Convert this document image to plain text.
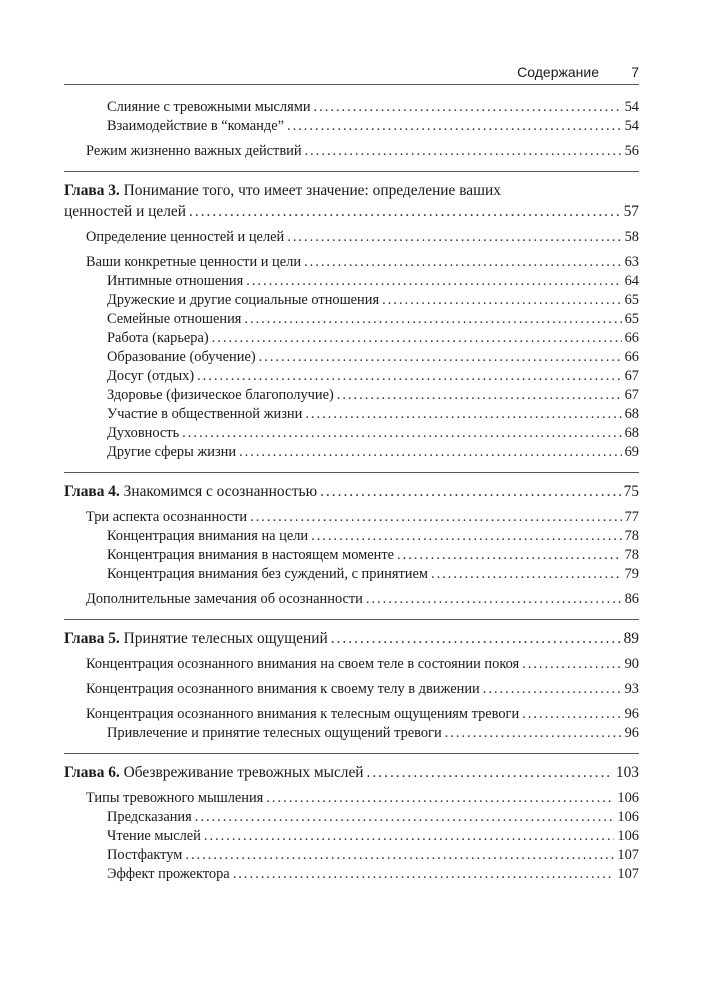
Содержание 7
Слияние с тревожными мыслями .....	54
Взаимодействие в “команде” .....	54
Режим жизненно важных действий .....	56
Глава 3. Понимание того, что имеет значение: определение ваших
ценностей и целей .....	57
Определение ценностей и целей .....	58
Ваши конкретные ценности и цели .....	63
Интимные отношения .....	64
Дружеские и другие социальные отношения .....	65
Семейные отношения .....	65
Работа (карьера) .....	66
Образование (обучение) .....	66
Досуг (отдых) .....	67
Здоровье (физическое благополучие) .....	67
Участие в общественной жизни .....	68
Духовность .....	68
Другие сферы жизни .....	69
Глава 4. Знакомимся с осознанностью .....	75
Три аспекта осознанности .....	77
Концентрация внимания на цели .....	78
Концентрация внимания в настоящем моменте .....	78
Концентрация внимания без суждений, с принятием .....	79
Дополнительные замечания об осознанности .....	86
Глава 5. Принятие телесных ощущений .....	89
Концентрация осознанного внимания на своем теле в состоянии покоя .....	90
Концентрация осознанного внимания к своему телу в движении .....	93
Концентрация осознанного внимания к телесным ощущениям тревоги .....	96
Привлечение и принятие телесных ощущений тревоги .....	96
Глава 6. Обезвреживание тревожных мыслей .....	103
Типы тревожного мышления .....	106
Предсказания .....	106
Чтение мыслей .....	106
Постфактум .....	107
Эффект прожектора .....	107
